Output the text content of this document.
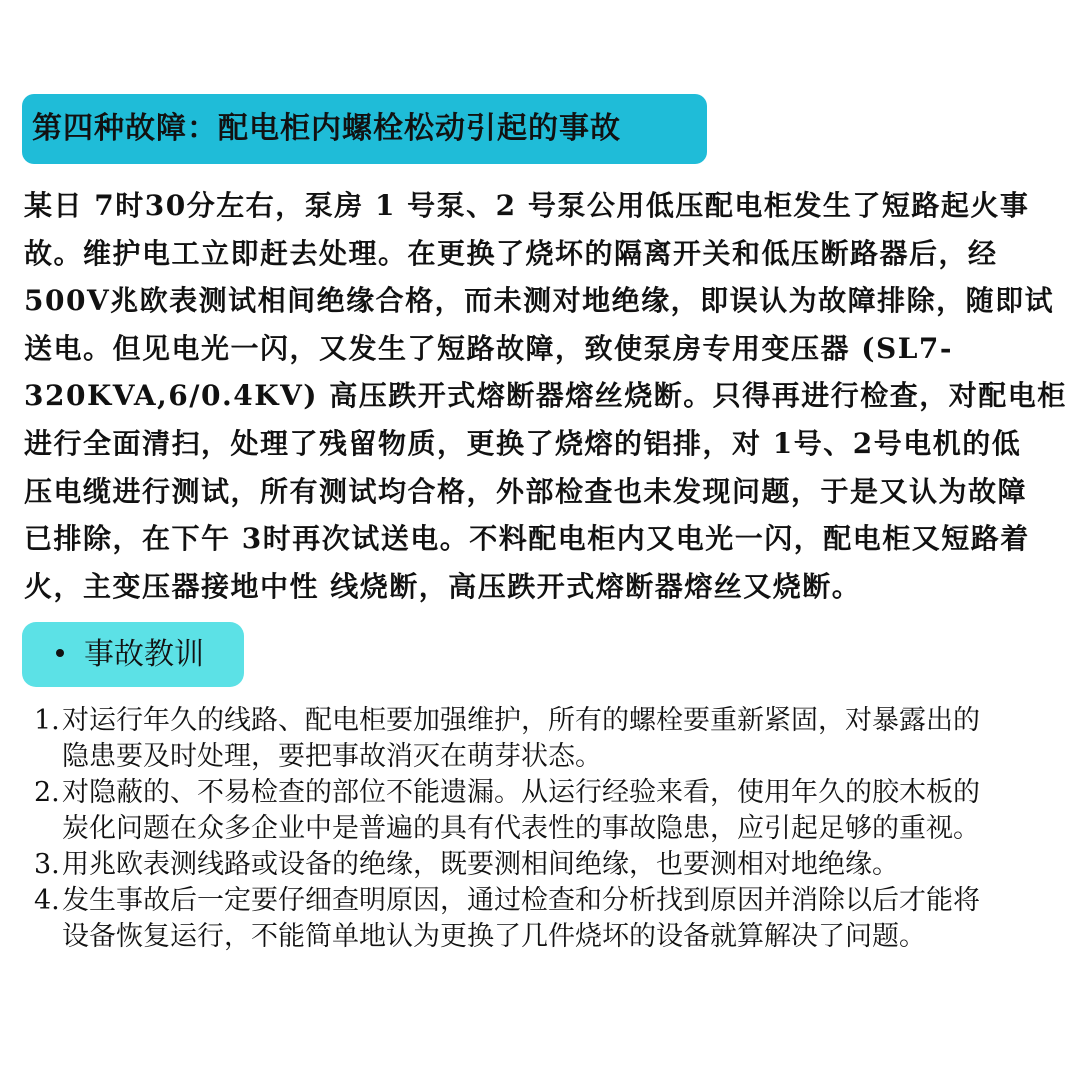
第四种故障：配电柜内螺栓松动引起的事故
某日 7时30分左右，泵房 1 号泵、2 号泵公用低压配电柜发生了短路起火事
故。维护电工立即赶去处理。在更换了烧坏的隔离开关和低压断路器后，经
500V兆欧表测试相间绝缘合格，而未测对地绝缘，即误认为故障排除，随即试
送电。但见电光一闪，又发生了短路故障，致使泵房专用变压器 (SL7-
320KVA,6/0.4KV) 高压跌开式熔断器熔丝烧断。只得再进行检查，对配电柜
进行全面清扫，处理了残留物质，更换了烧熔的铝排，对 1号、2号电机的低
压电缆进行测试，所有测试均合格，外部检查也未发现问题，于是又认为故障
已排除，在下午 3时再次试送电。不料配电柜内又电光一闪，配电柜又短路着
火，主变压器接地中性 线烧断，高压跌开式熔断器熔丝又烧断。
事故教训
1. 对运行年久的线路、配电柜要加强维护，所有的螺栓要重新紧固，对暴露出的
隐患要及时处理，要把事故消灭在萌芽状态。
2. 对隐蔽的、不易检查的部位不能遗漏。从运行经验来看，使用年久的胶木板的
炭化问题在众多企业中是普遍的具有代表性的事故隐患，应引起足够的重视。
3. 用兆欧表测线路或设备的绝缘，既要测相间绝缘，也要测相对地绝缘。
4. 发生事故后一定要仔细查明原因，通过检查和分析找到原因并消除以后才能将
设备恢复运行，不能简单地认为更换了几件烧坏的设备就算解决了问题。
